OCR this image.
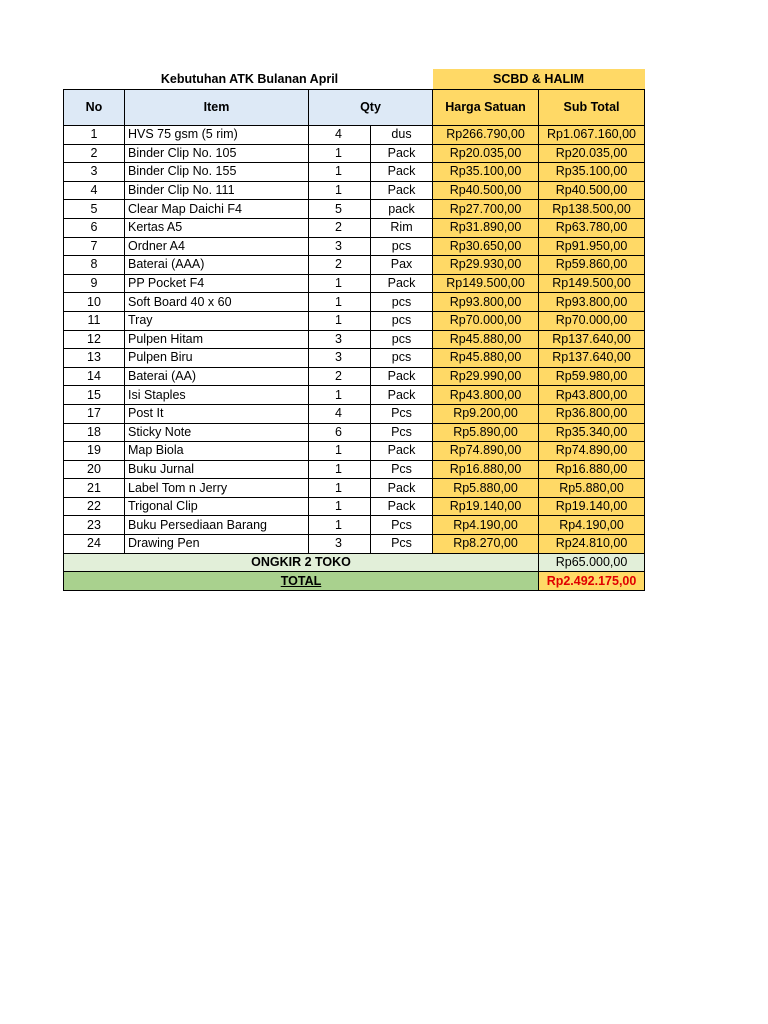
	Kebutuhan ATK Bulanan April			SCBD & HALIM	
No	Item	Qty		Harga Satuan	Sub Total
1	HVS 75 gsm (5 rim)	4	dus	Rp266.790,00	Rp1.067.160,00
2	Binder Clip No. 105	1	Pack	Rp20.035,00	Rp20.035,00
3	Binder Clip No. 155	1	Pack	Rp35.100,00	Rp35.100,00
4	Binder Clip No. 111	1	Pack	Rp40.500,00	Rp40.500,00
5	Clear Map Daichi F4	5	pack	Rp27.700,00	Rp138.500,00
6	Kertas A5	2	Rim	Rp31.890,00	Rp63.780,00
7	Ordner A4	3	pcs	Rp30.650,00	Rp91.950,00
8	Baterai (AAA)	2	Pax	Rp29.930,00	Rp59.860,00
9	PP Pocket F4	1	Pack	Rp149.500,00	Rp149.500,00
10	Soft Board 40 x 60	1	pcs	Rp93.800,00	Rp93.800,00
11	Tray	1	pcs	Rp70.000,00	Rp70.000,00
12	Pulpen Hitam	3	pcs	Rp45.880,00	Rp137.640,00
13	Pulpen Biru	3	pcs	Rp45.880,00	Rp137.640,00
14	Baterai (AA)	2	Pack	Rp29.990,00	Rp59.980,00
15	Isi Staples	1	Pack	Rp43.800,00	Rp43.800,00
17	Post It	4	Pcs	Rp9.200,00	Rp36.800,00
18	Sticky Note	6	Pcs	Rp5.890,00	Rp35.340,00
19	Map Biola	1	Pack	Rp74.890,00	Rp74.890,00
20	Buku Jurnal	1	Pcs	Rp16.880,00	Rp16.880,00
21	Label Tom n Jerry	1	Pack	Rp5.880,00	Rp5.880,00
22	Trigonal Clip	1	Pack	Rp19.140,00	Rp19.140,00
23	Buku Persediaan Barang	1	Pcs	Rp4.190,00	Rp4.190,00
24	Drawing Pen	3	Pcs	Rp8.270,00	Rp24.810,00
ONGKIR 2 TOKO					Rp65.000,00
TOTAL					Rp2.492.175,00
